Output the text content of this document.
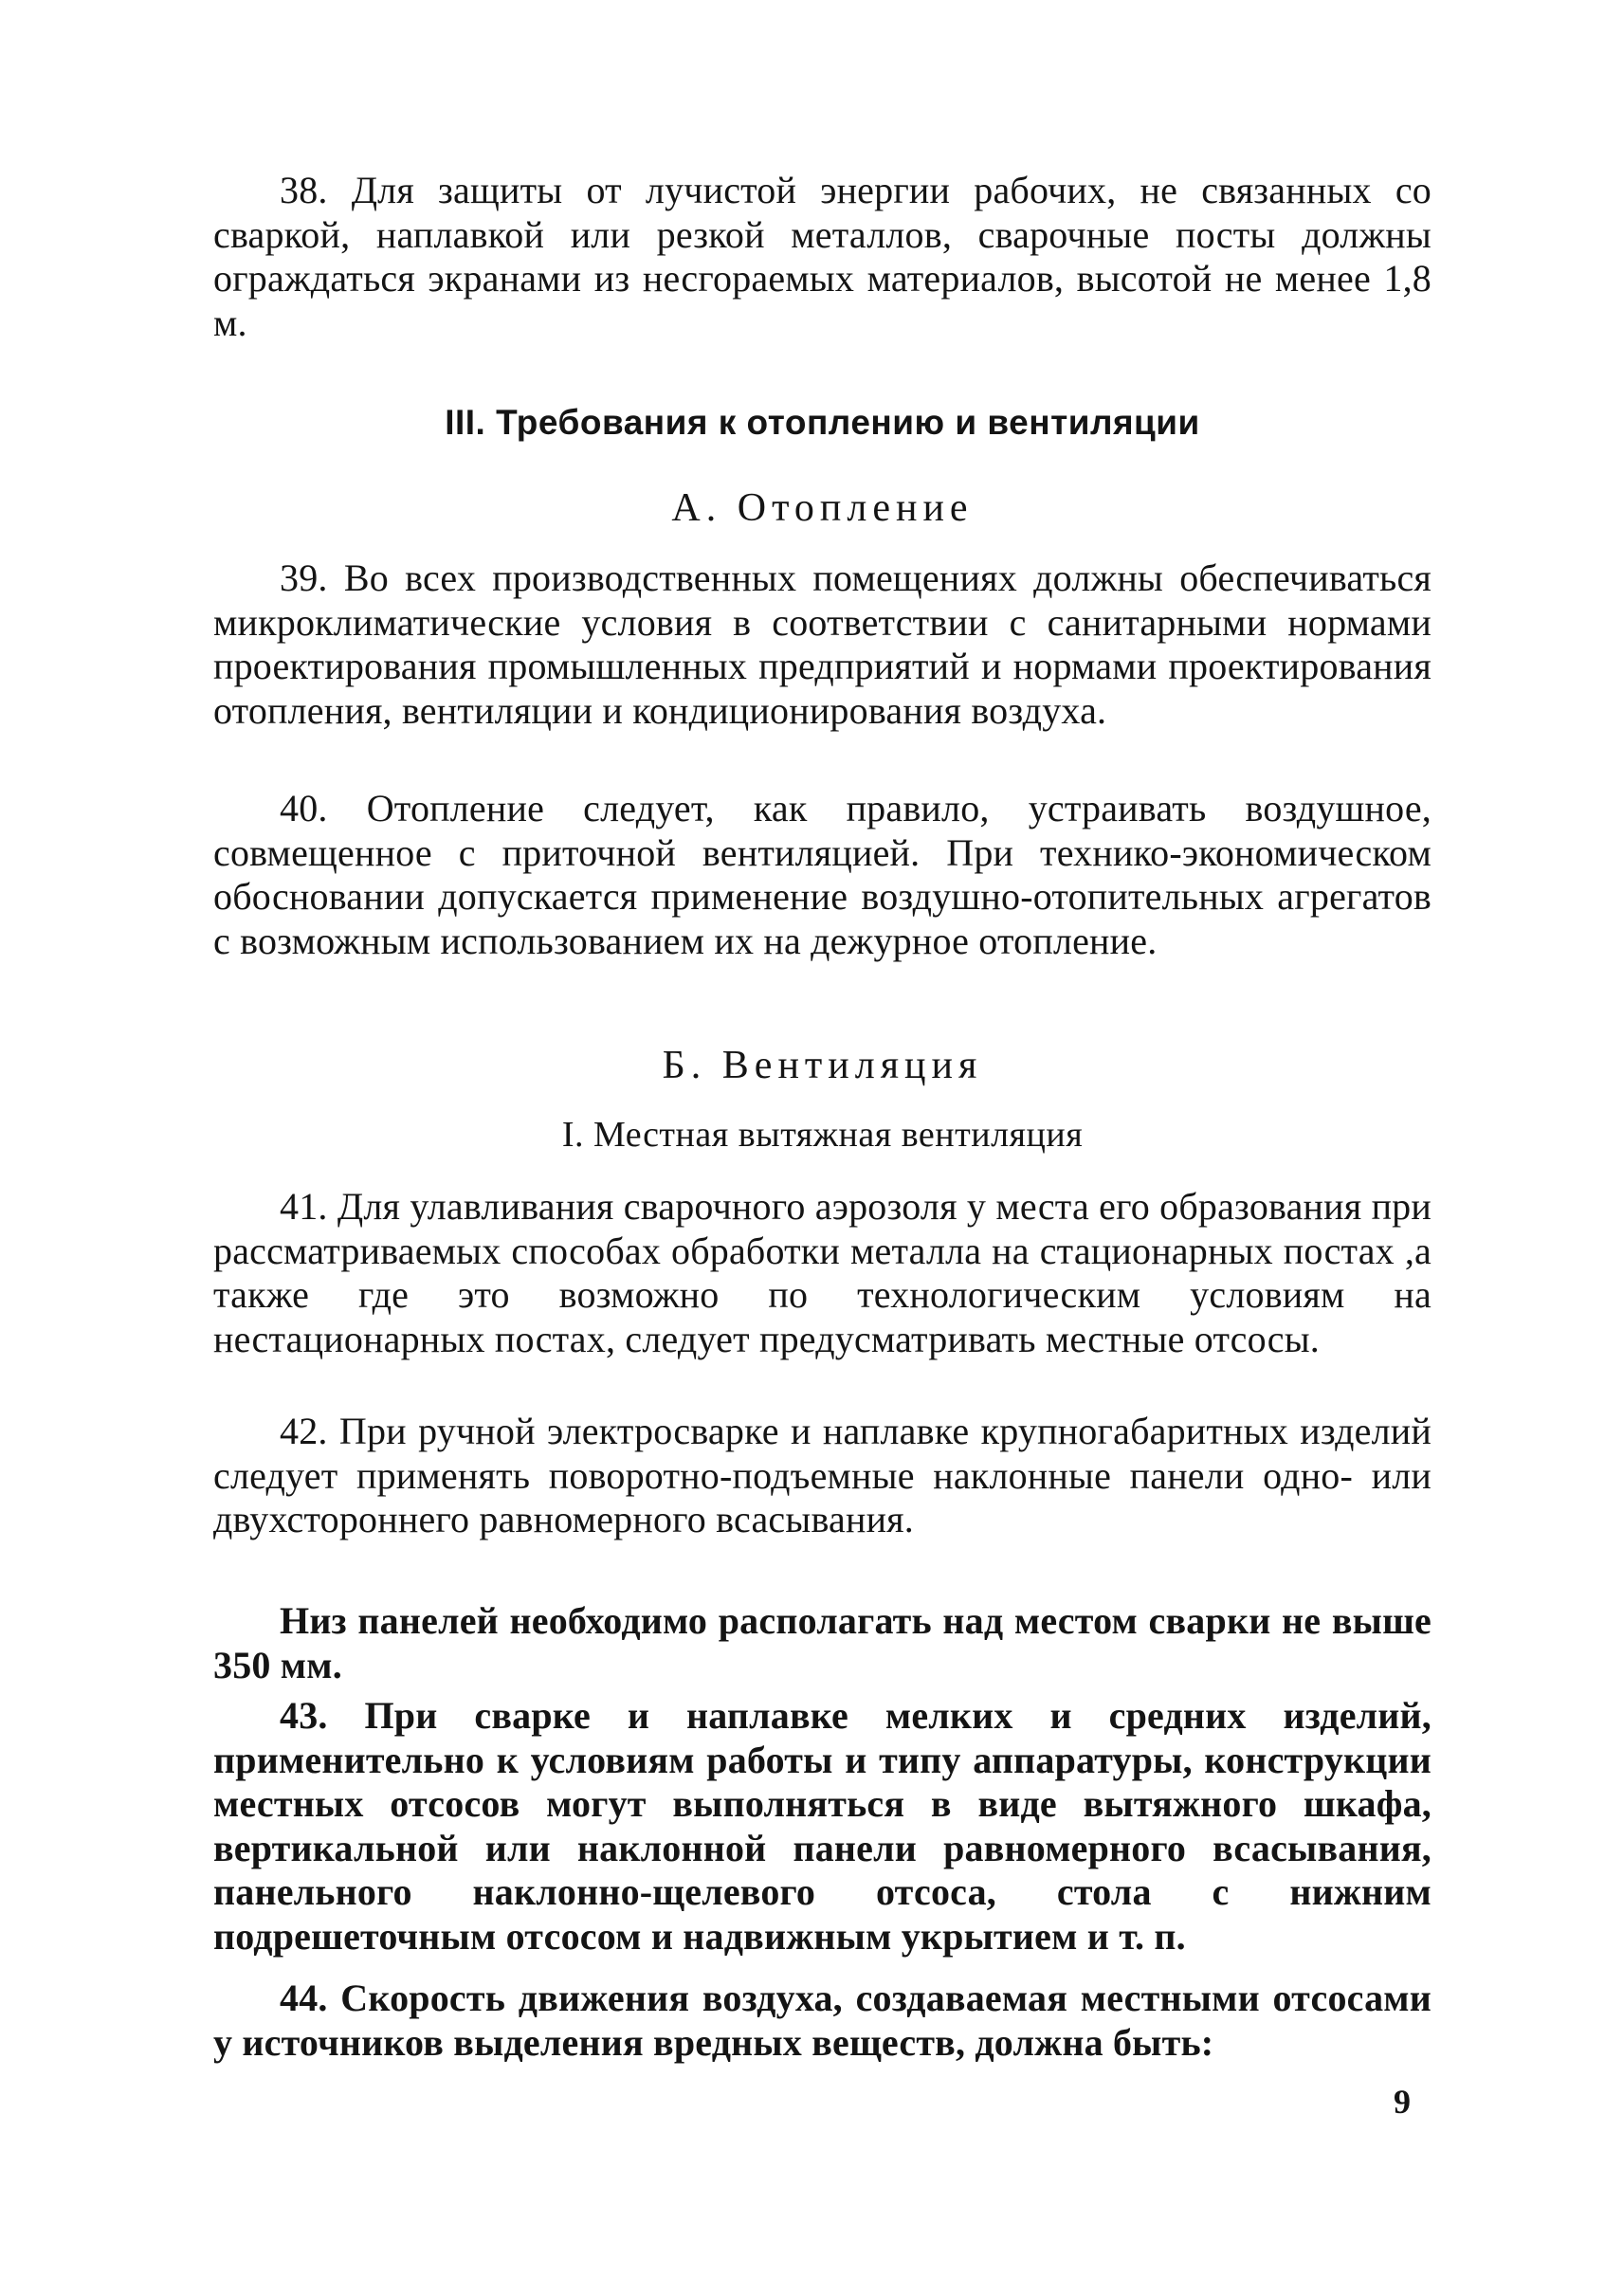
38. Для защиты от лучистой энергии рабочих, не связанных со сваркой, наплавкой или резкой металлов, сварочные посты должны ограждаться экранами из несгораемых материалов, высотой не менее 1,8 м.

III. Требования к отоплению и вентиляции

А. Отопление

39. Во всех производственных помещениях должны обеспечиваться микроклиматические условия в соответствии с санитарными нормами проектирования промышленных предприятий и нормами проектирования отопления, вентиляции и кондиционирования воздуха.

40. Отопление следует, как правило, устраивать воздушное, совмещенное с приточной вентиляцией. При технико-экономическом обосновании допускается применение воздушно-отопительных агрегатов с возможным использованием их на дежурное отопление.

Б. Вентиляция

I. Местная вытяжная вентиляция

41. Для улавливания сварочного аэрозоля у места его образования при рассматриваемых способах обработки металла на стационарных постах ,а также где это возможно по технологическим условиям на нестационарных постах, следует предусматривать местные отсосы.

42. При ручной электросварке и наплавке крупногабаритных изделий следует применять поворотно-подъемные наклонные панели одно- или двухстороннего равномерного всасывания.

Низ панелей необходимо располагать над местом сварки не выше 350 мм.

43. При сварке и наплавке мелких и средних изделий, применительно к условиям работы и типу аппаратуры, конструкции местных отсосов могут выполняться в виде вытяжного шкафа, вертикальной или наклонной панели равномерного всасывания, панельного наклонно-щелевого отсоса, стола с нижним подрешеточным отсосом и надвижным укрытием и т. п.

44. Скорость движения воздуха, создаваемая местными отсосами у источников выделения вредных веществ, должна быть:

9
